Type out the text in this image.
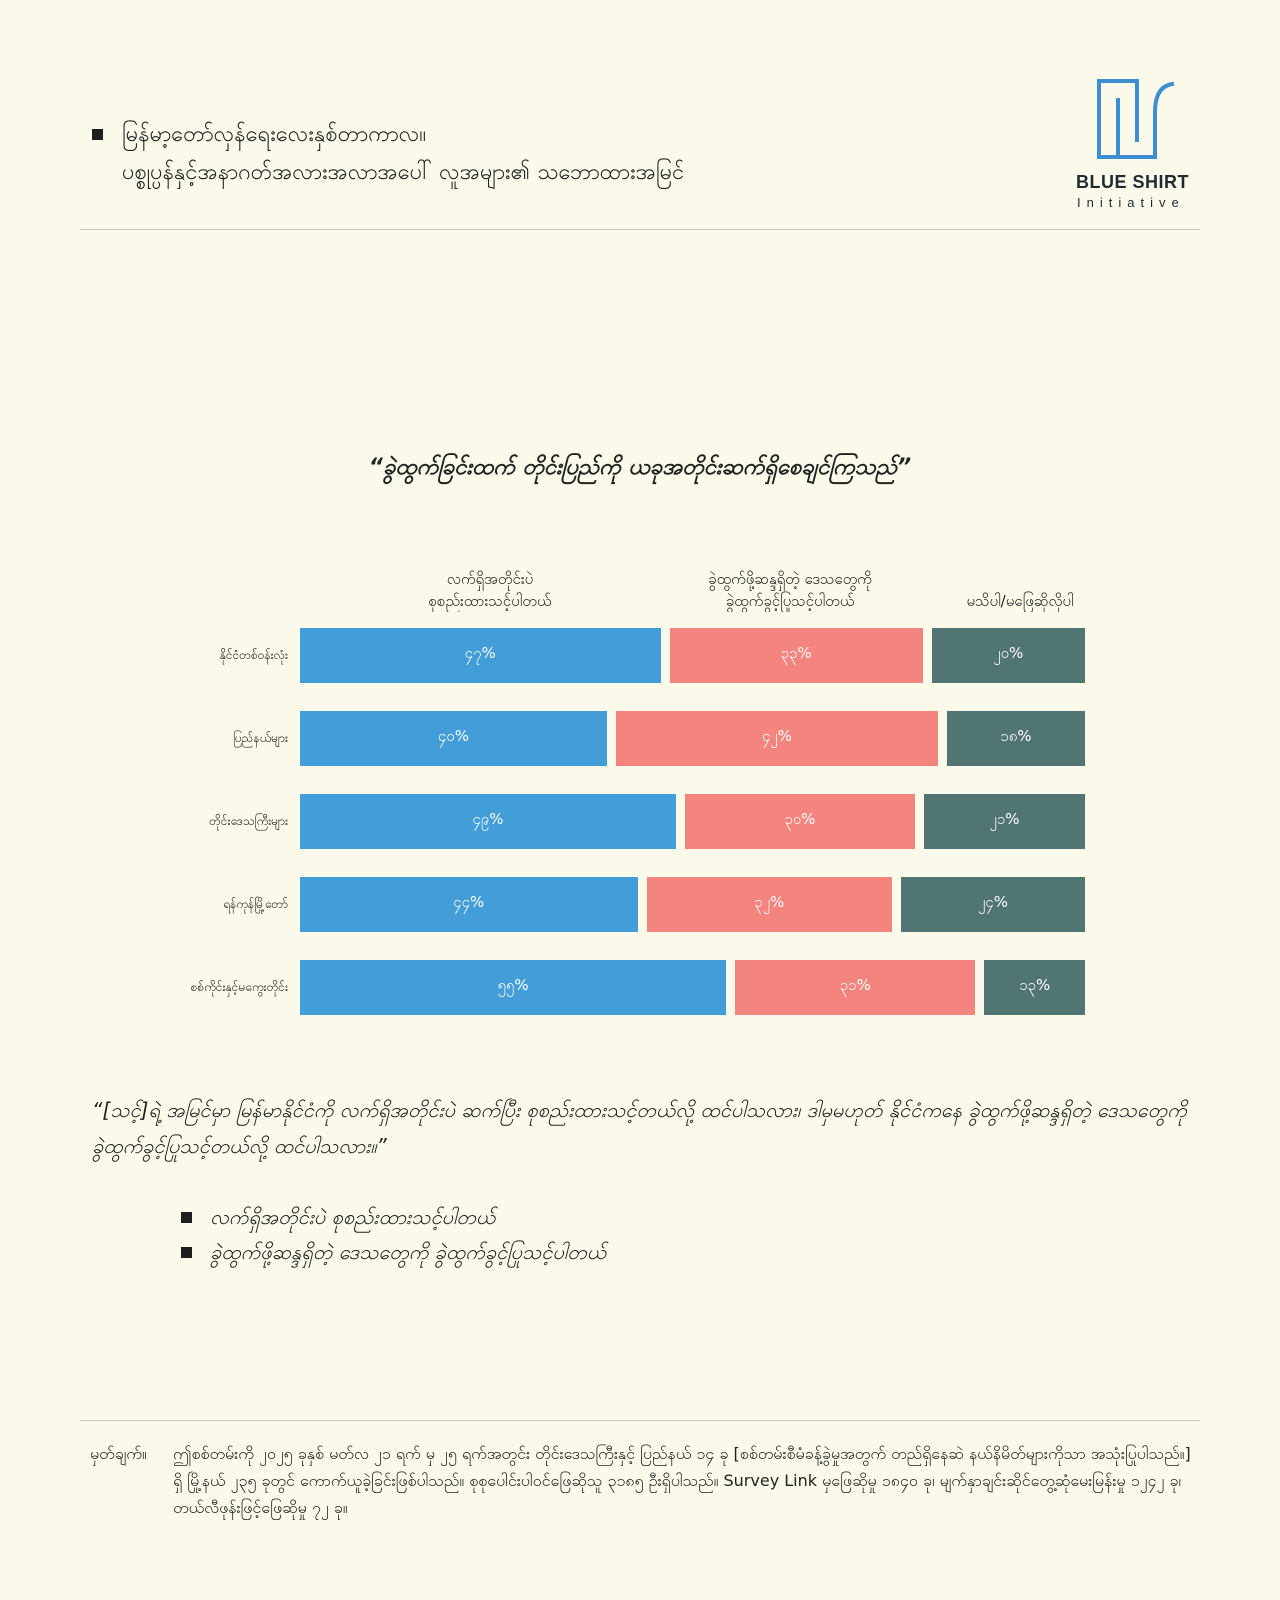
မြန်မာ့တော်လှန်ရေးလေးနှစ်တာကာလ။
ပစ္စုပ္ပန်နှင့်အနာဂတ်အလားအလာအပေါ် လူအများ၏ သဘောထားအမြင်	BLUE SHIRT
Initiative
“ခွဲထွက်ခြင်းထက် တိုင်းပြည်ကို ယခုအတိုင်းဆက်ရှိစေချင်ကြသည်”
လက်ရှိအတိုင်းပဲ
စုစည်းထားသင့်ပါတယ်
ခွဲထွက်ဖို့ဆန္ဒရှိတဲ့ ဒေသတွေကို
ခွဲထွက်ခွင့်ပြုသင့်ပါတယ်	မသိပါ/မဖြေဆိုလိုပါ
နိုင်ငံတစ်ဝန်းလုံး	၄၇%	၃၃%	၂၀%
ပြည်နယ်များ	၄၀%	၄၂%	၁၈%
တိုင်းဒေသကြီးများ	၄၉%	၃၀%	၂၁%
ရန်ကုန်မြို့တော်	၄၄%	၃၂%	၂၄%
စစ်ကိုင်းနှင့်မကွေးတိုင်း	၅၅%	၃၁%	၁၃%
“[သင့်]ရဲ့ အမြင်မှာ မြန်မာနိုင်ငံကို လက်ရှိအတိုင်းပဲ ဆက်ပြီး စုစည်းထားသင့်တယ်လို့ ထင်ပါသလား၊ ဒါမှမဟုတ် နိုင်ငံကနေ ခွဲထွက်ဖို့ဆန္ဒရှိတဲ့ ဒေသတွေကို ခွဲထွက်ခွင့်ပြုသင့်တယ်လို့ ထင်ပါသလား။”
လက်ရှိအတိုင်းပဲ စုစည်းထားသင့်ပါတယ်
ခွဲထွက်ဖို့ဆန္ဒရှိတဲ့ ဒေသတွေကို ခွဲထွက်ခွင့်ပြုသင့်ပါတယ်
မှတ်ချက်။	ဤစစ်တမ်းကို ၂၀၂၅ ခုနှစ် မတ်လ ၂၁ ရက် မှ ၂၅ ရက်အတွင်း တိုင်းဒေသကြီးနှင့် ပြည်နယ် ၁၄ ခု [စစ်တမ်းစီမံခန့်ခွဲမှုအတွက် တည်ရှိနေဆဲ နယ်နိမိတ်များကိုသာ အသုံးပြုပါသည်။] ရှိ မြို့နယ် ၂၃၅ ခုတွင် ကောက်ယူခဲ့ခြင်းဖြစ်ပါသည်။ စုစုပေါင်းပါဝင်ဖြေဆိုသူ ၃၁၈၅ ဦးရှိပါသည်။ Survey Link မှဖြေဆိုမှု ၁၈၄၀ ခု၊ မျက်နှာချင်းဆိုင်တွေ့ဆုံမေးမြန်းမှု ၁၂၄၂ ခု၊ တယ်လီဖုန်းဖြင့်ဖြေဆိုမှု ၇၂ ခု။
